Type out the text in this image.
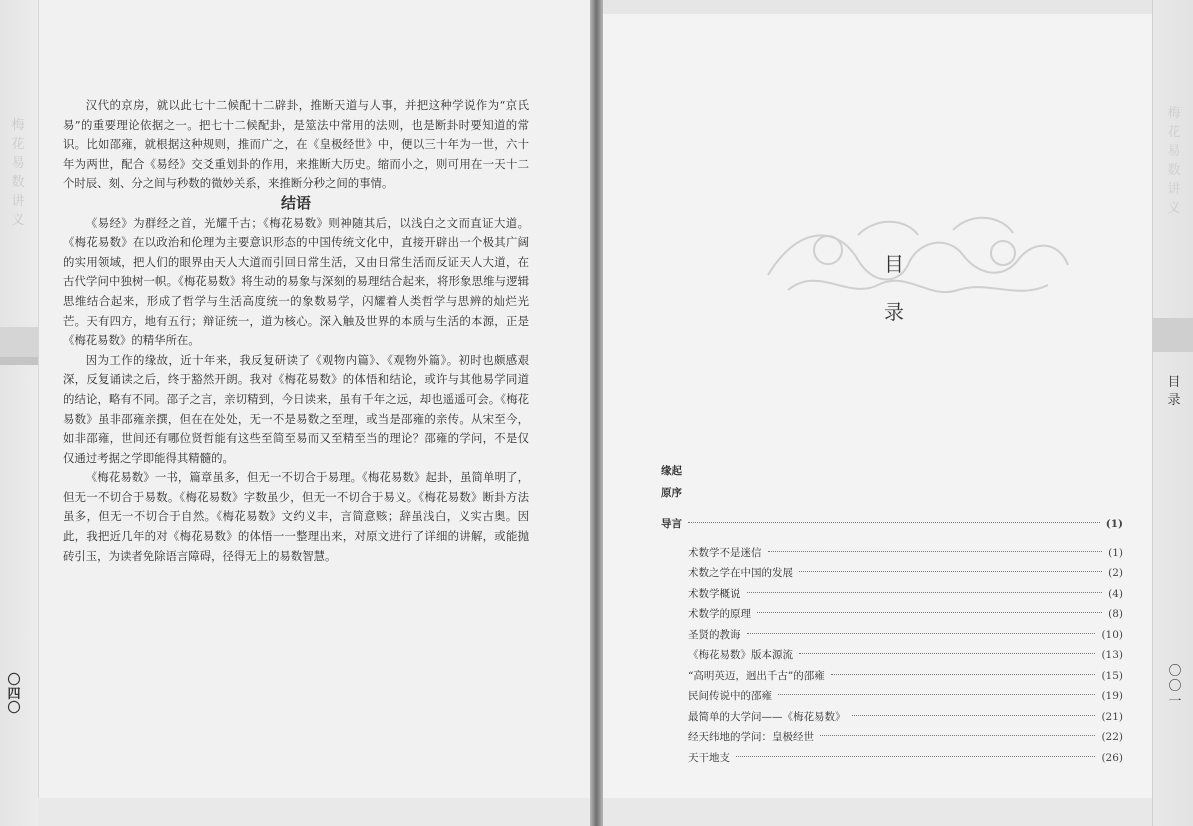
梅花易数讲义
〇四〇

汉代的京房，就以此七十二候配十二辟卦，推断天道与人事，并把这种学说作为“京氏易”的重要理论依据之一。把七十二候配卦，是筮法中常用的法则，也是断卦时要知道的常识。比如邵雍，就根据这种规则，推而广之，在《皇极经世》中，便以三十年为一世，六十年为两世，配合《易经》交爻重划卦的作用，来推断大历史。缩而小之，则可用在一天十二个时辰、刻、分之间与秒数的微妙关系，来推断分秒之间的事情。

结语

《易经》为群经之首，光耀千古；《梅花易数》则神随其后，以浅白之文而直证大道。《梅花易数》在以政治和伦理为主要意识形态的中国传统文化中，直接开辟出一个极其广阔的实用领域，把人们的眼界由天人大道而引回日常生活，又由日常生活而反证天人大道，在古代学问中独树一帜。《梅花易数》将生动的易象与深刻的易理结合起来，将形象思维与逻辑思维结合起来，形成了哲学与生活高度统一的象数易学，闪耀着人类哲学与思辨的灿烂光芒。天有四方，地有五行；辩证统一，道为核心。深入触及世界的本质与生活的本源，正是《梅花易数》的精华所在。

因为工作的缘故，近十年来，我反复研读了《观物内篇》、《观物外篇》。初时也颇感艰深，反复诵读之后，终于豁然开朗。我对《梅花易数》的体悟和结论，或许与其他易学同道的结论，略有不同。邵子之言，亲切精到，今日读来，虽有千年之远，却也遥遥可会。《梅花易数》虽非邵雍亲撰，但在在处处，无一不是易数之至理，或当是邵雍的亲传。从宋至今，如非邵雍，世间还有哪位贤哲能有这些至简至易而又至精至当的理论？邵雍的学问，不是仅仅通过考据之学即能得其精髓的。

《梅花易数》一书，篇章虽多，但无一不切合于易理。《梅花易数》起卦，虽简单明了，但无一不切合于易数。《梅花易数》字数虽少，但无一不切合于易义。《梅花易数》断卦方法虽多，但无一不切合于自然。《梅花易数》文约义丰，言简意赅；辞虽浅白，义实古奥。因此，我把近几年的对《梅花易数》的体悟一一整理出来，对原文进行了详细的讲解，或能抛砖引玉，为读者免除语言障碍，径得无上的易数智慧。

目
录
缘起
原序
导言	(1)
术数学不是迷信	(1)
术数之学在中国的发展	(2)
术数学概说	(4)
术数学的原理	(8)
圣贤的教诲	(10)
《梅花易数》版本源流	(13)
“高明英迈，迥出千古”的邵雍	(15)
民间传说中的邵雍	(19)
最简单的大学问——《梅花易数》	(21)
经天纬地的学问：皇极经世	(22)
天干地支	(26)
梅花易数讲义
目录
〇〇一
